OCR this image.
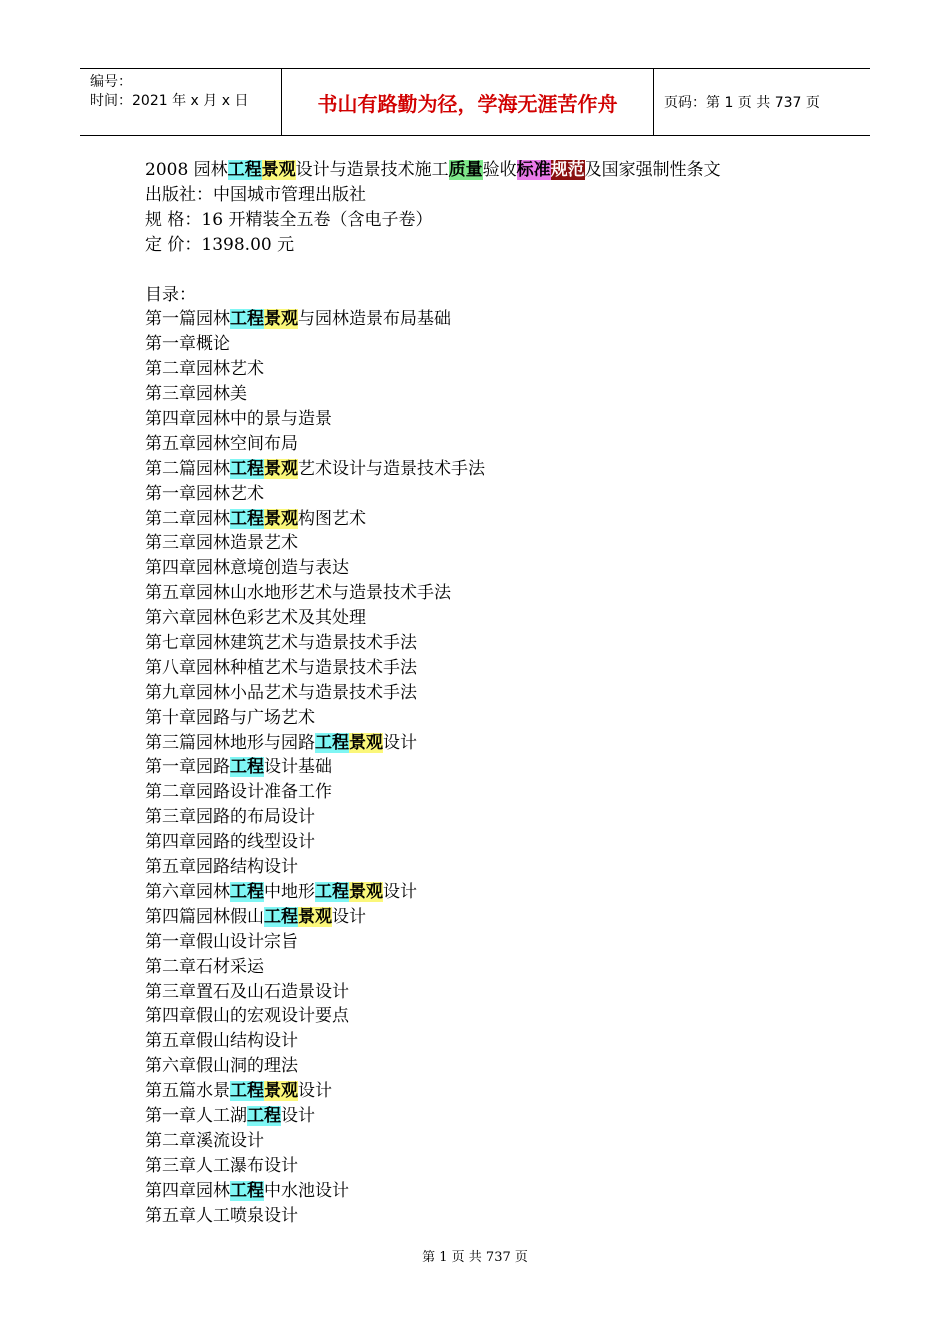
编号：
时间：2021 年 x 月 x 日	书山有路勤为径，学海无涯苦作舟	页码：第 1 页 共 737 页
2008 园林工程景观设计与造景技术施工质量验收标准规范及国家强制性条文
出版社：中国城市管理出版社
规 格：16 开精装全五卷（含电子卷）
定 价：1398.00 元
目录：
第一篇园林工程景观与园林造景布局基础
第一章概论
第二章园林艺术
第三章园林美
第四章园林中的景与造景
第五章园林空间布局
第二篇园林工程景观艺术设计与造景技术手法
第一章园林艺术
第二章园林工程景观构图艺术
第三章园林造景艺术
第四章园林意境创造与表达
第五章园林山水地形艺术与造景技术手法
第六章园林色彩艺术及其处理
第七章园林建筑艺术与造景技术手法
第八章园林种植艺术与造景技术手法
第九章园林小品艺术与造景技术手法
第十章园路与广场艺术
第三篇园林地形与园路工程景观设计
第一章园路工程设计基础
第二章园路设计准备工作
第三章园路的布局设计
第四章园路的线型设计
第五章园路结构设计
第六章园林工程中地形工程景观设计
第四篇园林假山工程景观设计
第一章假山设计宗旨
第二章石材采运
第三章置石及山石造景设计
第四章假山的宏观设计要点
第五章假山结构设计
第六章假山洞的理法
第五篇水景工程景观设计
第一章人工湖工程设计
第二章溪流设计
第三章人工瀑布设计
第四章园林工程中水池设计
第五章人工喷泉设计
第 1 页 共 737 页
